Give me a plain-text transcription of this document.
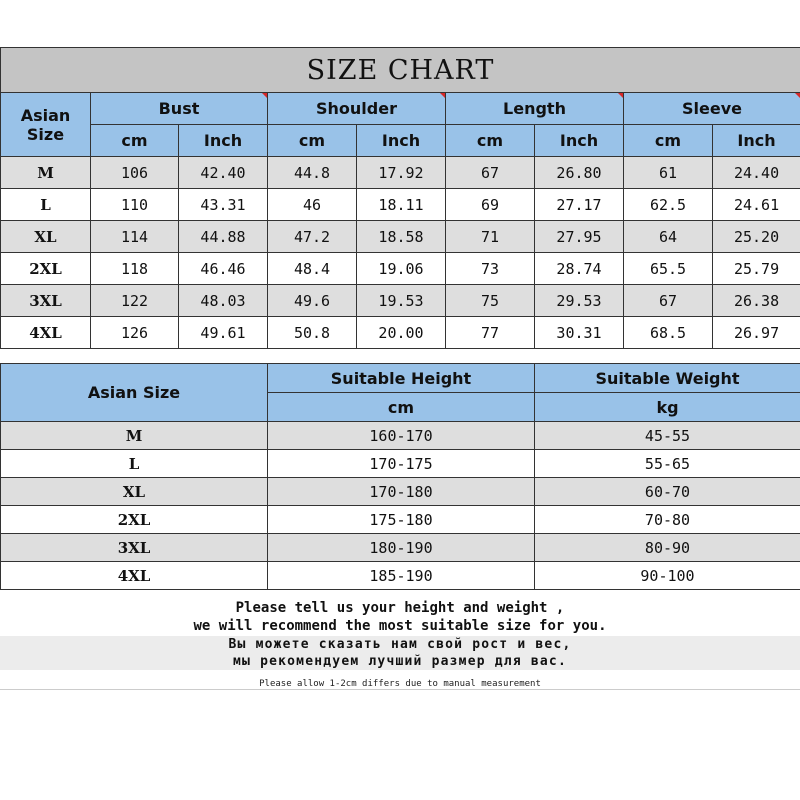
SIZE CHART								
Asian
Size	Bust		Shoulder		Length		Sleeve	
	cm	Inch	cm	Inch	cm	Inch	cm	Inch
M	106	42.40	44.8	17.92	67	26.80	61	24.40
L	110	43.31	46	18.11	69	27.17	62.5	24.61
XL	114	44.88	47.2	18.58	71	27.95	64	25.20
2XL	118	46.46	48.4	19.06	73	28.74	65.5	25.79
3XL	122	48.03	49.6	19.53	75	29.53	67	26.38
4XL	126	49.61	50.8	20.00	77	30.31	68.5	26.97
Asian Size	Suitable Height	Suitable Weight
	cm	kg
M	160-170	45-55
L	170-175	55-65
XL	170-180	60-70
2XL	175-180	70-80
3XL	180-190	80-90
4XL	185-190	90-100
Please tell us your height and weight ,
we will recommend the most suitable size for you.
Вы можете сказать нам свой рост и вес,
мы рекомендуем лучший размер для вас.
Please allow 1-2cm differs due to manual measurement
